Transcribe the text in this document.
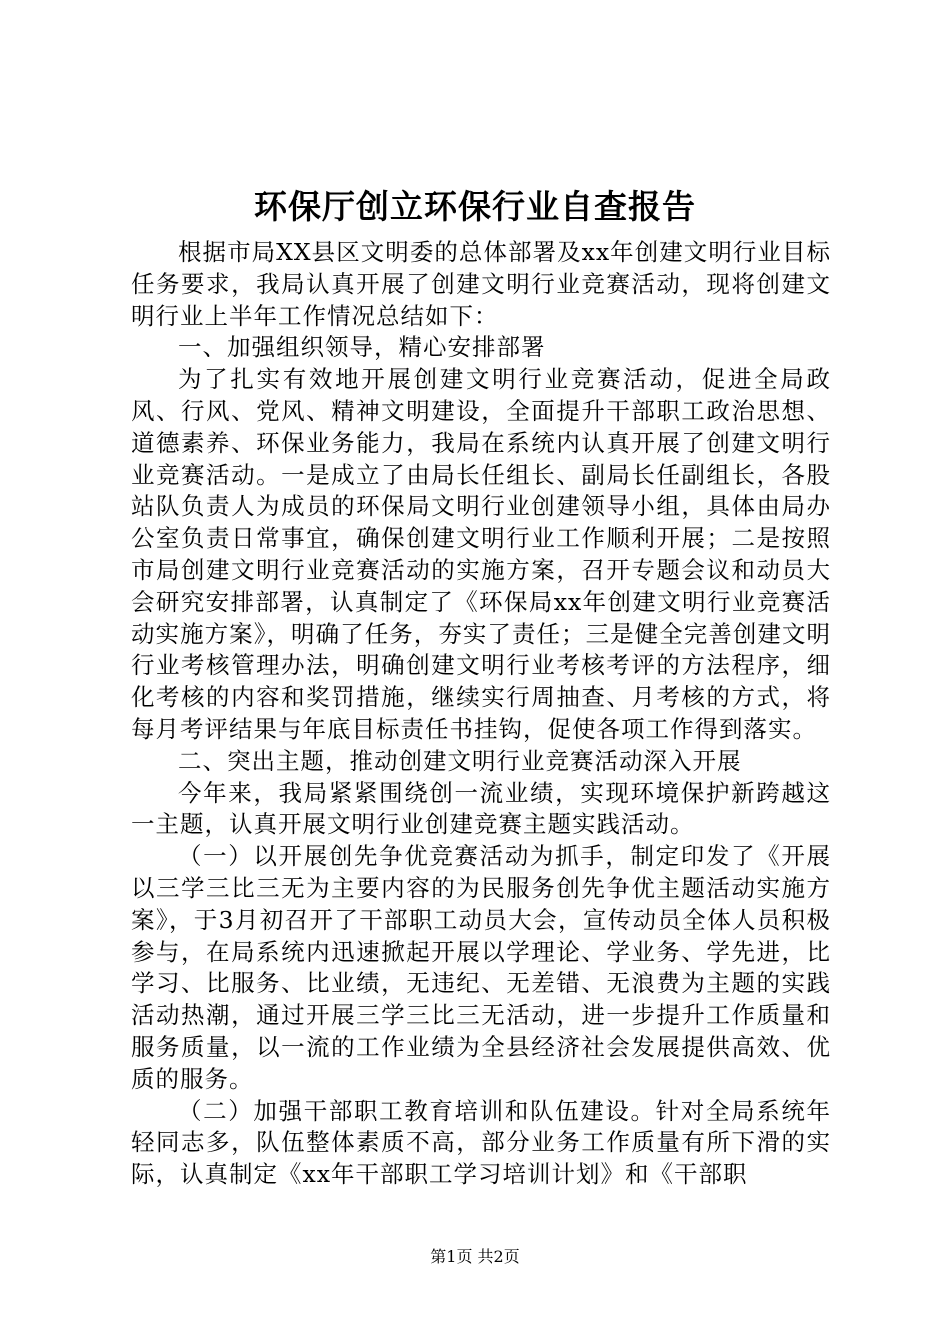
环保厅创立环保行业自查报告

根据市局XX县区文明委的总体部署及xx年创建文明行业目标任务要求，我局认真开展了创建文明行业竞赛活动，现将创建文明行业上半年工作情况总结如下：

一、加强组织领导，精心安排部署

为了扎实有效地开展创建文明行业竞赛活动，促进全局政风、行风、党风、精神文明建设，全面提升干部职工政治思想、道德素养、环保业务能力，我局在系统内认真开展了创建文明行业竞赛活动。一是成立了由局长任组长、副局长任副组长，各股站队负责人为成员的环保局文明行业创建领导小组，具体由局办公室负责日常事宜，确保创建文明行业工作顺利开展；二是按照市局创建文明行业竞赛活动的实施方案，召开专题会议和动员大会研究安排部署，认真制定了《环保局xx年创建文明行业竞赛活动实施方案》，明确了任务，夯实了责任；三是健全完善创建文明行业考核管理办法，明确创建文明行业考核考评的方法程序，细化考核的内容和奖罚措施，继续实行周抽查、月考核的方式，将每月考评结果与年底目标责任书挂钩，促使各项工作得到落实。

二、突出主题，推动创建文明行业竞赛活动深入开展

今年来，我局紧紧围绕创一流业绩，实现环境保护新跨越这一主题，认真开展文明行业创建竞赛主题实践活动。

（一）以开展创先争优竞赛活动为抓手，制定印发了《开展以三学三比三无为主要内容的为民服务创先争优主题活动实施方案》，于3月初召开了干部职工动员大会，宣传动员全体人员积极参与，在局系统内迅速掀起开展以学理论、学业务、学先进，比学习、比服务、比业绩，无违纪、无差错、无浪费为主题的实践活动热潮，通过开展三学三比三无活动，进一步提升工作质量和服务质量，以一流的工作业绩为全县经济社会发展提供高效、优质的服务。

（二）加强干部职工教育培训和队伍建设。针对全局系统年轻同志多，队伍整体素质不高，部分业务工作质量有所下滑的实际，认真制定《xx年干部职工学习培训计划》和《干部职

第1页 共2页
